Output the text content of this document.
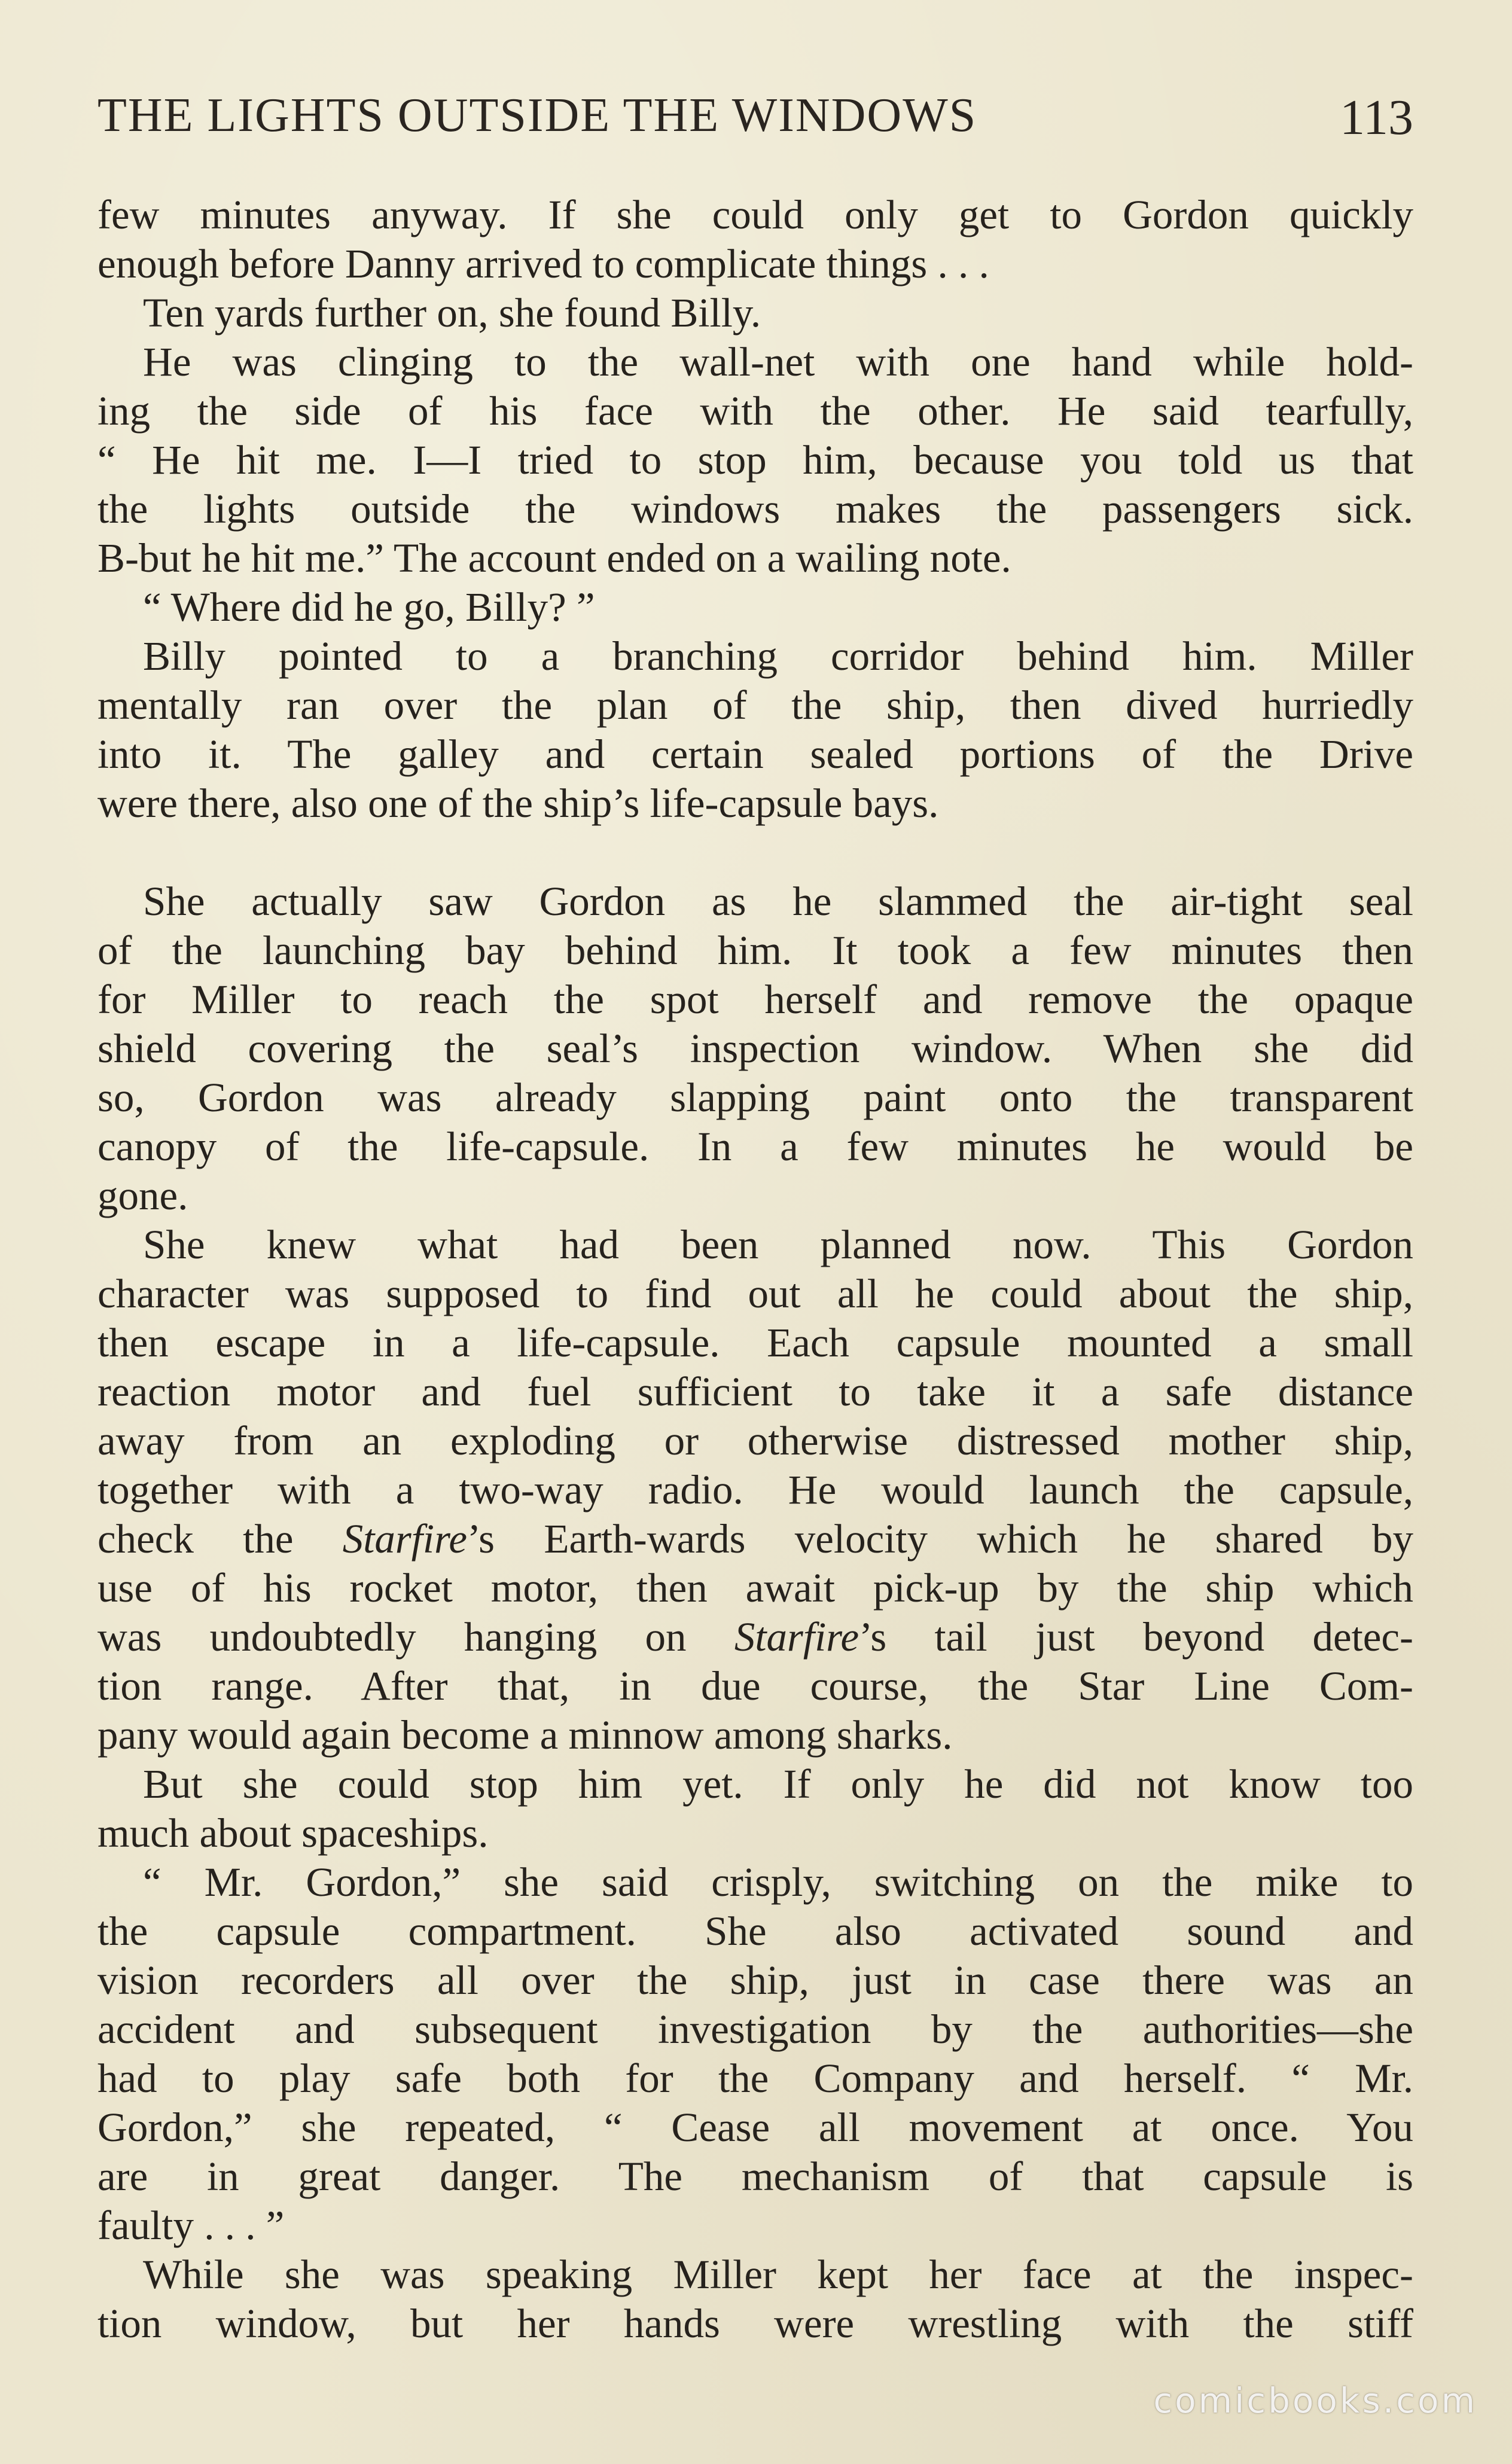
THE LIGHTS OUTSIDE THE WINDOWS	113
few minutes anyway. If she could only get to Gordon quickly
enough before Danny arrived to complicate things . . .
Ten yards further on, she found Billy.
He was clinging to the wall-net with one hand while hold-
ing the side of his face with the other. He said tearfully,
“ He hit me. I—I tried to stop him, because you told us that
the lights outside the windows makes the passengers sick.
B-but he hit me.” The account ended on a wailing note.
“ Where did he go, Billy? ”
Billy pointed to a branching corridor behind him. Miller
mentally ran over the plan of the ship, then dived hurriedly
into it. The galley and certain sealed portions of the Drive
were there, also one of the ship’s life-capsule bays.
She actually saw Gordon as he slammed the air-tight seal
of the launching bay behind him. It took a few minutes then
for Miller to reach the spot herself and remove the opaque
shield covering the seal’s inspection window. When she did
so, Gordon was already slapping paint onto the transparent
canopy of the life-capsule. In a few minutes he would be
gone.
She knew what had been planned now. This Gordon
character was supposed to find out all he could about the ship,
then escape in a life-capsule. Each capsule mounted a small
reaction motor and fuel sufficient to take it a safe distance
away from an exploding or otherwise distressed mother ship,
together with a two-way radio. He would launch the capsule,
check the Starfire’s Earth-wards velocity which he shared by
use of his rocket motor, then await pick-up by the ship which
was undoubtedly hanging on Starfire’s tail just beyond detec-
tion range. After that, in due course, the Star Line Com-
pany would again become a minnow among sharks.
But she could stop him yet. If only he did not know too
much about spaceships.
“ Mr. Gordon,” she said crisply, switching on the mike to
the capsule compartment. She also activated sound and
vision recorders all over the ship, just in case there was an
accident and subsequent investigation by the authorities—she
had to play safe both for the Company and herself. “ Mr.
Gordon,” she repeated, “ Cease all movement at once. You
are in great danger. The mechanism of that capsule is
faulty . . . ”
While she was speaking Miller kept her face at the inspec-
tion window, but her hands were wrestling with the stiff
comicbooks.com
